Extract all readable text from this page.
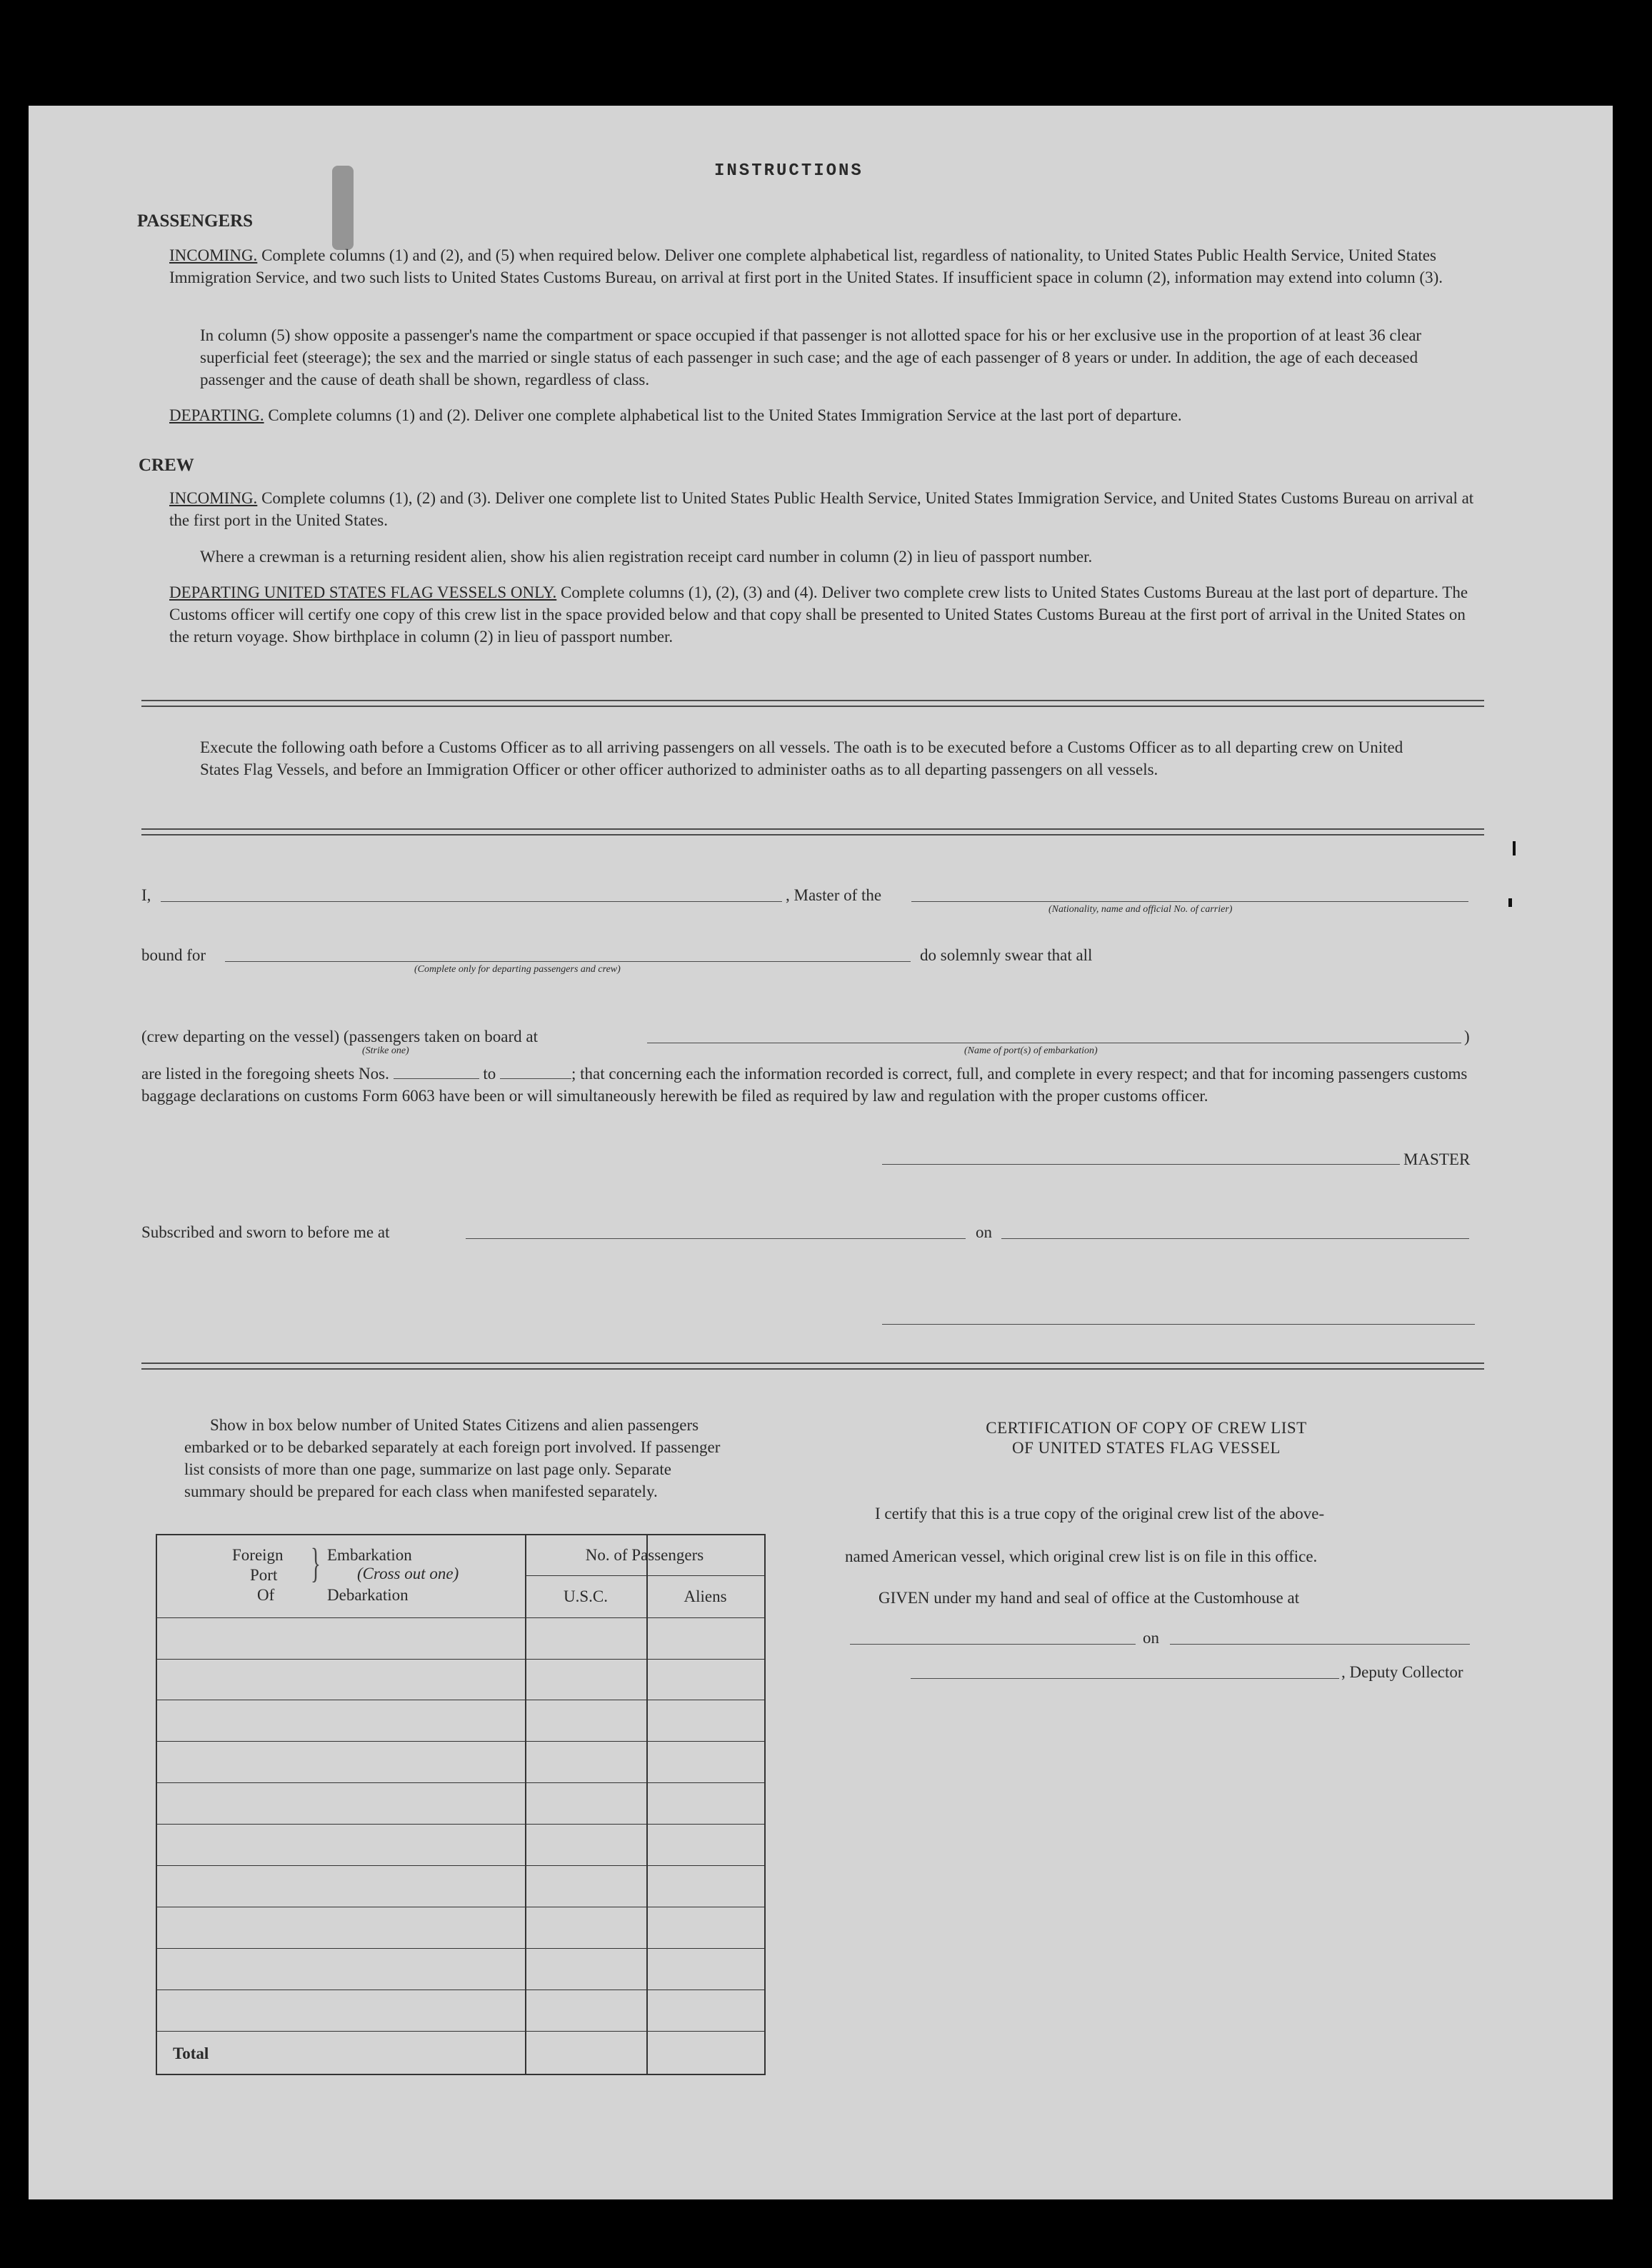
INSTRUCTIONS
PASSENGERS

INCOMING. Complete columns (1) and (2), and (5) when required below. Deliver one complete alphabetical list, regardless of nationality, to United States Public Health Service, United States Immigration Service, and two such lists to United States Customs Bureau, on arrival at first port in the United States. If insufficient space in column (2), information may extend into column (3).

In column (5) show opposite a passenger's name the compartment or space occupied if that passenger is not allotted space for his or her exclusive use in the proportion of at least 36 clear superficial feet (steerage); the sex and the married or single status of each passenger in such case; and the age of each passenger of 8 years or under. In addition, the age of each deceased passenger and the cause of death shall be shown, regardless of class.

DEPARTING. Complete columns (1) and (2). Deliver one complete alphabetical list to the United States Immigration Service at the last port of departure.

CREW

INCOMING. Complete columns (1), (2) and (3). Deliver one complete list to United States Public Health Service, United States Immigration Service, and United States Customs Bureau on arrival at the first port in the United States.

Where a crewman is a returning resident alien, show his alien registration receipt card number in column (2) in lieu of passport number.

DEPARTING UNITED STATES FLAG VESSELS ONLY. Complete columns (1), (2), (3) and (4). Deliver two complete crew lists to United States Customs Bureau at the last port of departure. The Customs officer will certify one copy of this crew list in the space provided below and that copy shall be presented to United States Customs Bureau at the first port of arrival in the United States on the return voyage. Show birthplace in column (2) in lieu of passport number.

Execute the following oath before a Customs Officer as to all arriving passengers on all vessels. The oath is to be executed before a Customs Officer as to all departing crew on United States Flag Vessels, and before an Immigration Officer or other officer authorized to administer oaths as to all departing passengers on all vessels.

I,	, Master of the
(Nationality, name and official No. of carrier)
bound for
(Complete only for departing passengers and crew)
do solemnly swear that all
(crew departing on the vessel) (passengers taken on board at
(Strike one)
)
(Name of port(s) of embarkation)

are listed in the foregoing sheets Nos.	to	; that concerning each the information recorded is correct, full, and complete in every respect; and that for incoming passengers customs baggage declarations on customs Form 6063 have been or will simultaneously herewith be filed as required by law and regulation with the proper customs officer.

MASTER
Subscribed and sworn to before me at	on

Show in box below number of United States Citizens and alien passengers embarked or to be debarked separately at each foreign port involved. If passenger list consists of more than one page, summarize on last page only. Separate summary should be prepared for each class when manifested separately.

Foreign
Port
Of
} Embarkation
(Cross out one)
Debarkation
No. of Passengers
U.S.C.	Aliens
Total
CERTIFICATION OF COPY OF CREW LIST
OF UNITED STATES FLAG VESSEL
I certify that this is a true copy of the original crew list of the above-
named American vessel, which original crew list is on file in this office.
GIVEN under my hand and seal of office at the Customhouse at
on
, Deputy Collector
